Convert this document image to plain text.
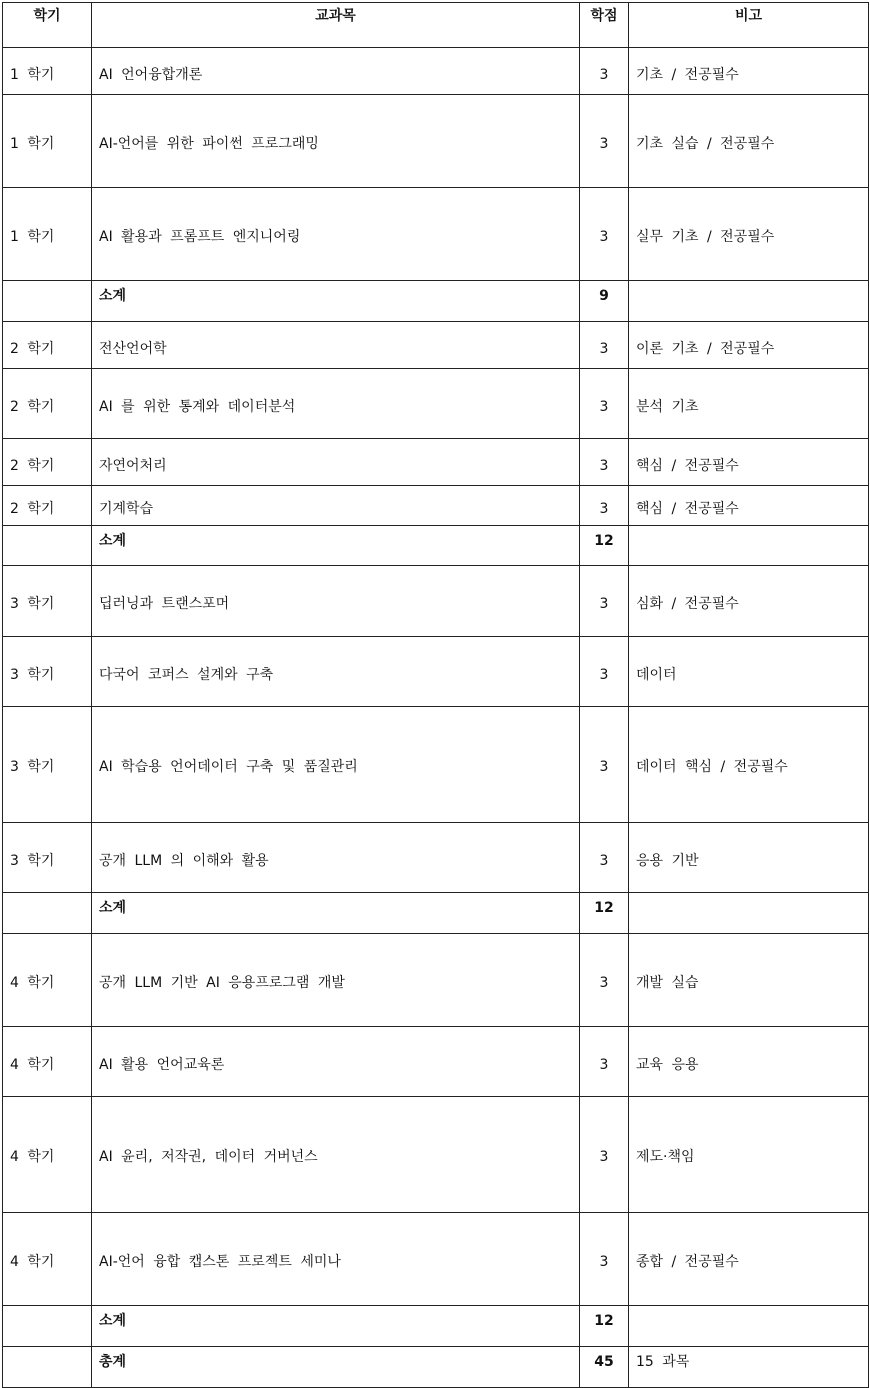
학기	교과목	학점	비고

1 학기	AI 언어융합개론	3	기초 / 전공필수

1 학기	AI-언어를 위한 파이썬 프로그래밍	3	기초 실습 / 전공필수

1 학기	AI 활용과 프롬프트 엔지니어링	3	실무 기초 / 전공필수

	소계	9	

2 학기	전산언어학	3	이론 기초 / 전공필수

2 학기	AI 를 위한 통계와 데이터분석	3	분석 기초

2 학기	자연어처리	3	핵심 / 전공필수

2 학기	기계학습	3	핵심 / 전공필수

	소계	12	

3 학기	딥러닝과 트랜스포머	3	심화 / 전공필수

3 학기	다국어 코퍼스 설계와 구축	3	데이터

3 학기	AI 학습용 언어데이터 구축 및 품질관리	3	데이터 핵심 / 전공필수

3 학기	공개 LLM 의 이해와 활용	3	응용 기반

	소계	12	

4 학기	공개 LLM 기반 AI 응용프로그램 개발	3	개발 실습

4 학기	AI 활용 언어교육론	3	교육 응용

4 학기	AI 윤리, 저작권, 데이터 거버넌스	3	제도·책임

4 학기	AI-언어 융합 캡스톤 프로젝트 세미나	3	종합 / 전공필수

	소계	12	

	총계	45	15 과목
